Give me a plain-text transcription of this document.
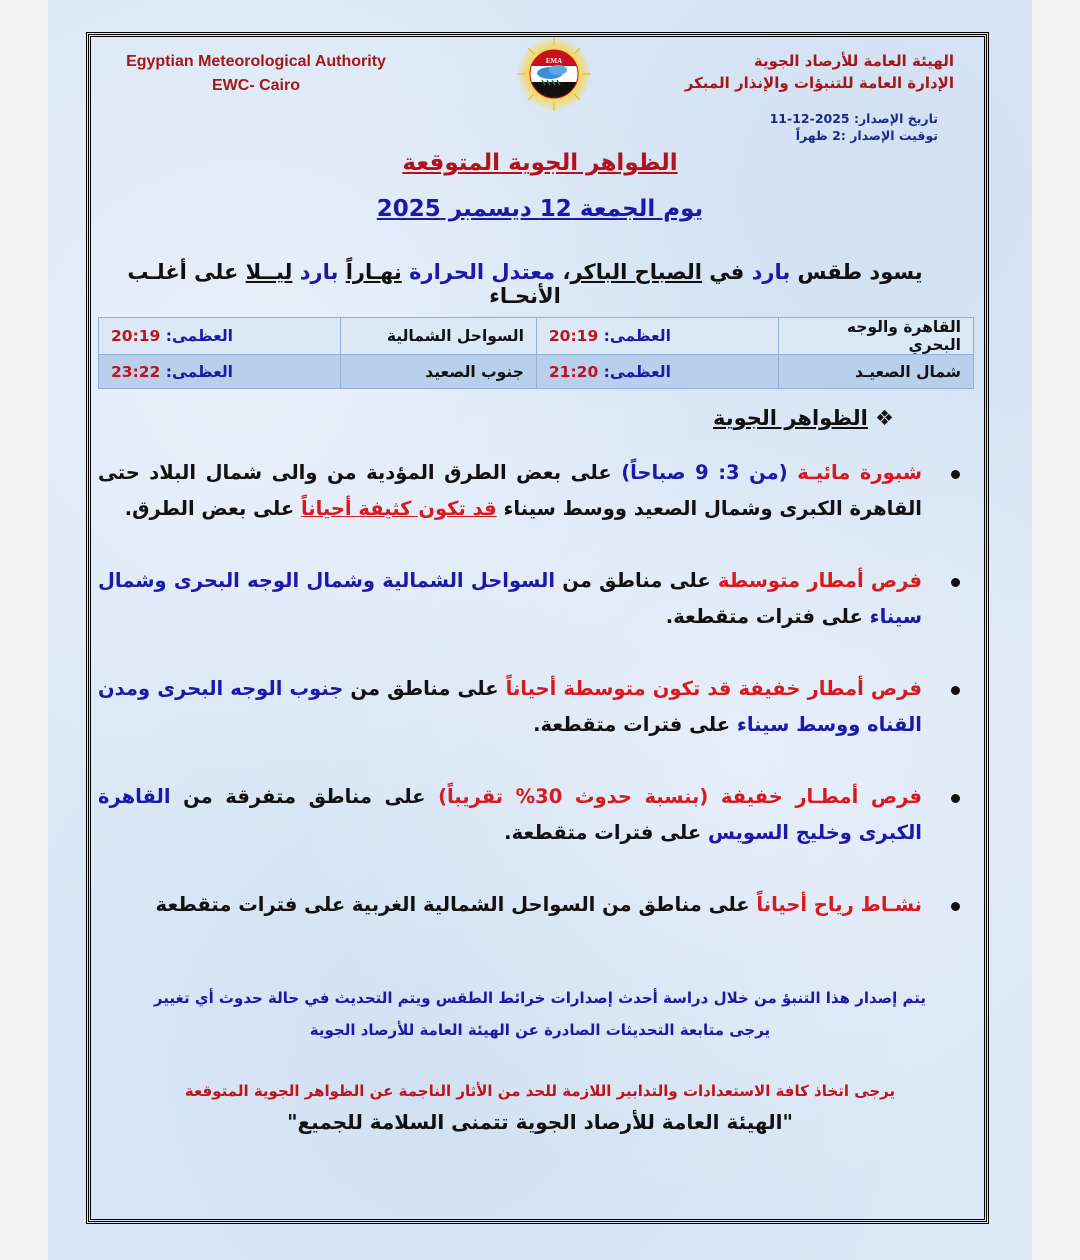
Egyptian Meteorological Authority
EWC- Cairo
EMA	الهيئة العامة للأرصاد الجوية
الإدارة العامة للتنبؤات والإنذار المبكر
تاريخ الإصدار: 2025-12-11
توقيت الإصدار :2 ظهراً
الظواهر الجوية المتوقعة
يوم الجمعة 12 ديسمبر 2025
يسود طقس بارد في الصباح الباكر، معتدل الحرارة نهـاراً بارد ليــلا على أغلـب الأنحـاء
القاهرة والوجه البحري	العظمى: 20:19	السواحل الشمالية	العظمى: 20:19
شمال الصعيـد	العظمى: 21:20	جنوب الصعيد	العظمى: 23:22
❖ الظواهر الجوية
شبورة مائيـة (من 3: 9 صباحاً) على بعض الطرق المؤدية من والى شمال البلاد حتى القاهرة الكبرى وشمال الصعيد ووسط سيناء قد تكون كثيفة أحياناً على بعض الطرق.
فرص أمطار متوسطة على مناطق من السواحل الشمالية وشمال الوجه البحرى وشمال سيناء على فترات متقطعة.
فرص أمطار خفيفة قد تكون متوسطة أحياناً على مناطق من جنوب الوجه البحرى ومدن القناه ووسط سيناء على فترات متقطعة.
فرص أمطـار خفيفة (بنسبة حدوث 30% تقريباً) على مناطق متفرقة من القاهرة الكبرى وخليج السويس على فترات متقطعة.
نشـاط رياح أحياناً على مناطق من السواحل الشمالية الغربية على فترات متقطعة
يتم إصدار هذا التنبؤ من خلال دراسة أحدث إصدارات خرائط الطقس ويتم التحديث في حالة حدوث أي تغيير
يرجى متابعة التحديثات الصادرة عن الهيئة العامة للأرصاد الجوية
يرجى اتخاذ كافة الاستعدادات والتدابير اللازمة للحد من الأثار الناجمة عن الظواهر الجوية المتوقعة
"الهيئة العامة للأرصاد الجوية تتمنى السلامة للجميع"
